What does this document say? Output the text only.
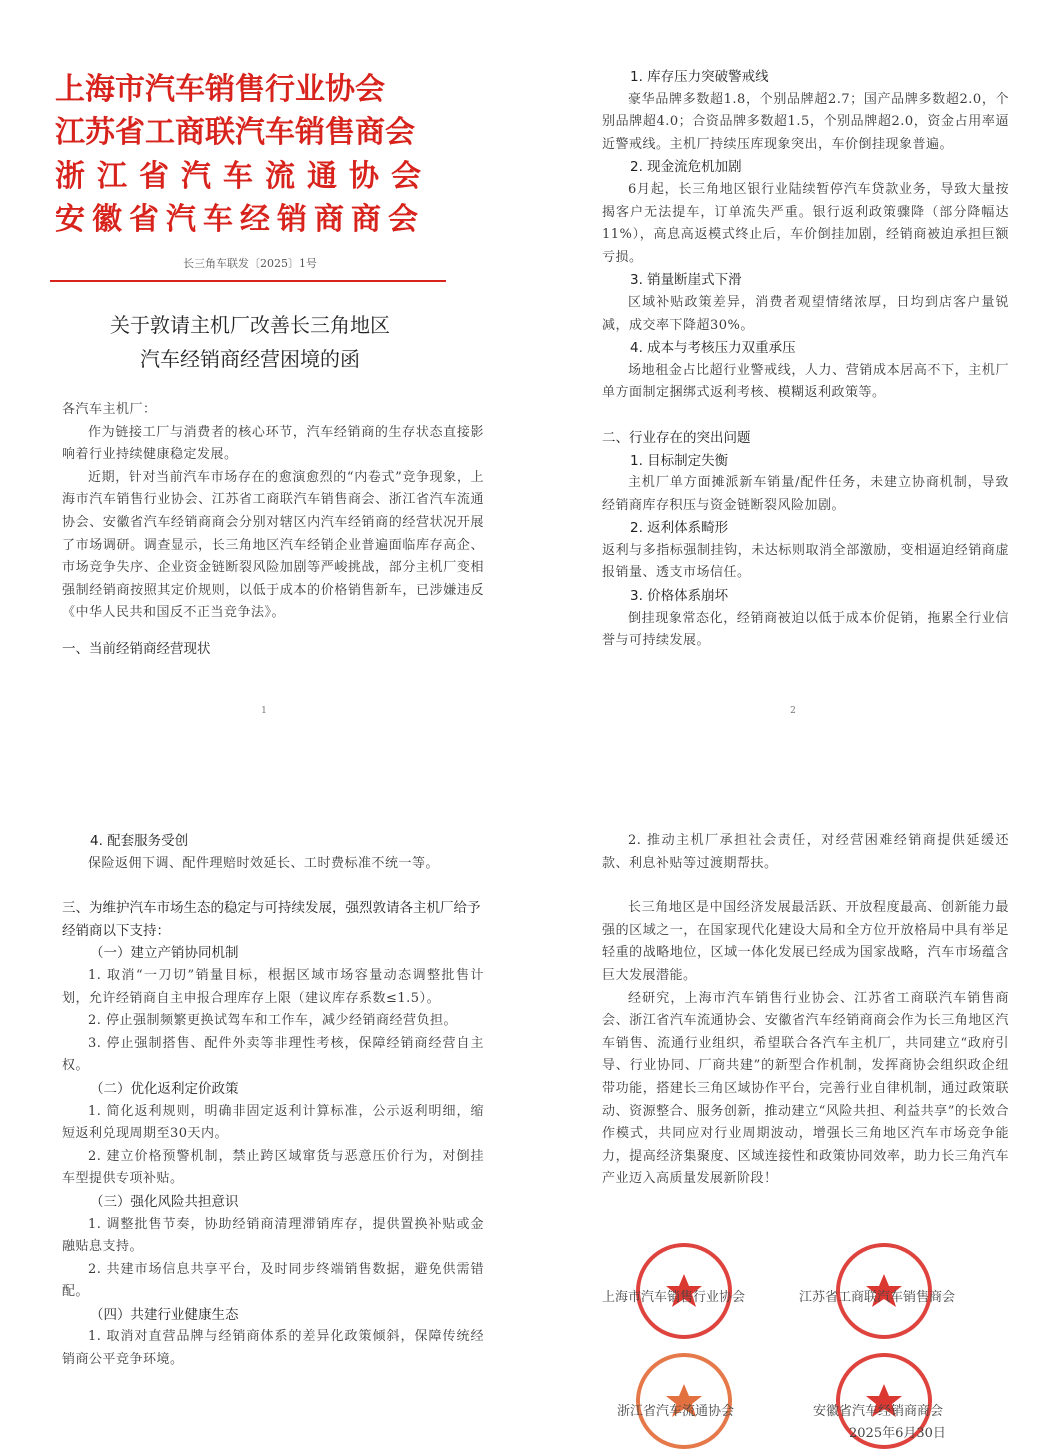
上海市汽车销售行业协会
江苏省工商联汽车销售商会
浙江省汽车流通协会
安徽省汽车经销商商会
长三角车联发〔2025〕1号
关于敦请主机厂改善长三角地区
汽车经销商经营困境的函

各汽车主机厂：

作为链接工厂与消费者的核心环节，汽车经销商的生存状态直接影响着行业持续健康稳定发展。

近期，针对当前汽车市场存在的愈演愈烈的“内卷式”竞争现象，上海市汽车销售行业协会、江苏省工商联汽车销售商会、浙江省汽车流通协会、安徽省汽车经销商商会分别对辖区内汽车经销商的经营状况开展了市场调研。调查显示，长三角地区汽车经销企业普遍面临库存高企、市场竞争失序、企业资金链断裂风险加剧等严峻挑战，部分主机厂变相强制经销商按照其定价规则，以低于成本的价格销售新车，已涉嫌违反《中华人民共和国反不正当竞争法》。

一、当前经销商经营现状

1

1. 库存压力突破警戒线

豪华品牌多数超1.8，个别品牌超2.7；国产品牌多数超2.0，个别品牌超4.0；合资品牌多数超1.5，个别品牌超2.0，资金占用率逼近警戒线。主机厂持续压库现象突出，车价倒挂现象普遍。

2. 现金流危机加剧

6月起，长三角地区银行业陆续暂停汽车贷款业务，导致大量按揭客户无法提车，订单流失严重。银行返利政策骤降（部分降幅达11%），高息高返模式终止后，车价倒挂加剧，经销商被迫承担巨额亏损。

3. 销量断崖式下滑

区域补贴政策差异，消费者观望情绪浓厚，日均到店客户量锐减，成交率下降超30%。

4. 成本与考核压力双重承压

场地租金占比超行业警戒线，人力、营销成本居高不下，主机厂单方面制定捆绑式返利考核、模糊返利政策等。

二、行业存在的突出问题

1. 目标制定失衡

主机厂单方面摊派新车销量/配件任务，未建立协商机制，导致经销商库存积压与资金链断裂风险加剧。

2. 返利体系畸形

返利与多指标强制挂钩，未达标则取消全部激励，变相逼迫经销商虚报销量、透支市场信任。

3. 价格体系崩坏

倒挂现象常态化，经销商被迫以低于成本价促销，拖累全行业信誉与可持续发展。

2

4. 配套服务受创

保险返佣下调、配件理赔时效延长、工时费标准不统一等。

三、为维护汽车市场生态的稳定与可持续发展，强烈敦请各主机厂给予经销商以下支持：

（一）建立产销协同机制

1. 取消“一刀切”销量目标，根据区域市场容量动态调整批售计划，允许经销商自主申报合理库存上限（建议库存系数≤1.5）。

2. 停止强制频繁更换试驾车和工作车，减少经销商经营负担。

3. 停止强制搭售、配件外卖等非理性考核，保障经销商经营自主权。

（二）优化返利定价政策

1. 简化返利规则，明确非固定返利计算标准，公示返利明细，缩短返利兑现周期至30天内。

2. 建立价格预警机制，禁止跨区域窜货与恶意压价行为，对倒挂车型提供专项补贴。

（三）强化风险共担意识

1. 调整批售节奏，协助经销商清理滞销库存，提供置换补贴或金融贴息支持。

2. 共建市场信息共享平台，及时同步终端销售数据，避免供需错配。

（四）共建行业健康生态

1. 取消对直营品牌与经销商体系的差异化政策倾斜，保障传统经销商公平竞争环境。

2. 推动主机厂承担社会责任，对经营困难经销商提供延缓还款、利息补贴等过渡期帮扶。

长三角地区是中国经济发展最活跃、开放程度最高、创新能力最强的区域之一，在国家现代化建设大局和全方位开放格局中具有举足轻重的战略地位，区域一体化发展已经成为国家战略，汽车市场蕴含巨大发展潜能。

经研究，上海市汽车销售行业协会、江苏省工商联汽车销售商会、浙江省汽车流通协会、安徽省汽车经销商商会作为长三角地区汽车销售、流通行业组织，希望联合各汽车主机厂，共同建立“政府引导、行业协同、厂商共建”的新型合作机制，发挥商协会组织政企纽带功能，搭建长三角区域协作平台，完善行业自律机制，通过政策联动、资源整合、服务创新，推动建立“风险共担、利益共享”的长效合作模式，共同应对行业周期波动，增强长三角地区汽车市场竞争能力，提高经济集聚度、区域连接性和政策协同效率，助力长三角汽车产业迈入高质量发展新阶段！

上海市汽车销售行业协会	江苏省工商联汽车销售商会
浙江省汽车流通协会	安徽省汽车经销商商会
2025年6月30日
